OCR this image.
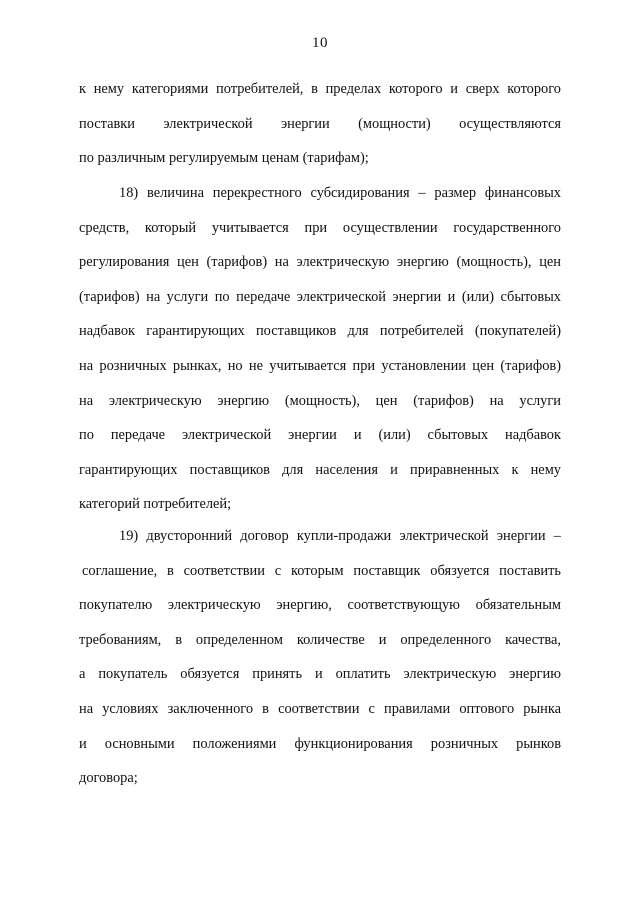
10
к нему категориями потребителей, в пределах которого и сверх которого
поставки электрической энергии (мощности) осуществляются
по различным регулируемым ценам (тарифам);
18) величина перекрестного субсидирования – размер финансовых
средств, который учитывается при осуществлении государственного
регулирования цен (тарифов) на электрическую энергию (мощность), цен
(тарифов) на услуги по передаче электрической энергии и (или) сбытовых
надбавок гарантирующих поставщиков для потребителей (покупателей)
на розничных рынках, но не учитывается при установлении цен (тарифов)
на электрическую энергию (мощность), цен (тарифов) на услуги
по передаче электрической энергии и (или) сбытовых надбавок
гарантирующих поставщиков для населения и приравненных к нему
категорий потребителей;
19) двусторонний договор купли-продажи электрической энергии –
соглашение, в соответствии с которым поставщик обязуется поставить
покупателю электрическую энергию, соответствующую обязательным
требованиям, в определенном количестве и определенного качества,
а покупатель обязуется принять и оплатить электрическую энергию
на условиях заключенного в соответствии с правилами оптового рынка
и основными положениями функционирования розничных рынков
договора;
